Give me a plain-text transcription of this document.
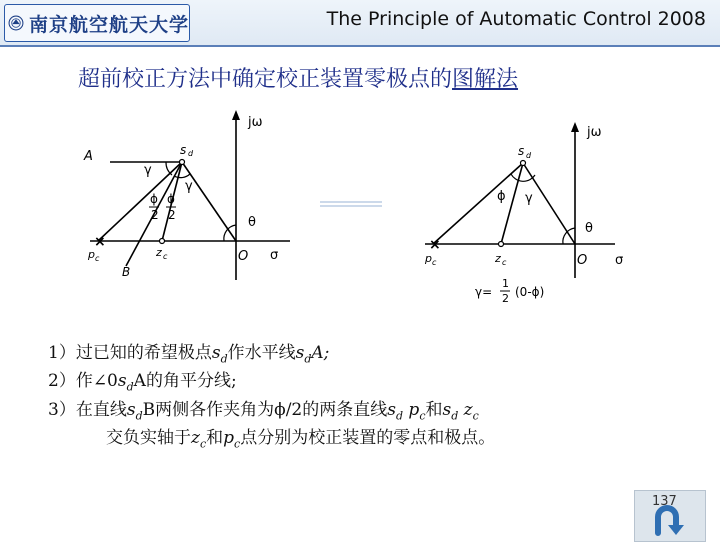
南京航空航天大学	The Principle of Automatic Control 2008
超前校正方法中确定校正装置零极点的图解法
×
jω
s d
A
γ
γ
ϕ
2
ϕ
2	θ
O σ
p c	z c
B
×
jω
s d
ϕ γ
θ
O σ
p c	z c
γ=
1
2 (0-ϕ)
1）过已知的希望极点$s_d$作水平线$s_dA$;
2）作$\angle 0s_dA$的角平分线;
3）在直线$s_dB$两侧各作夹角为ϕ/2的两条直线$s_d$ $p_c$和$s_d$ $z_c$
交负实轴于$z_c$和$p_c$点分别为校正装置的零点和极点。
137
